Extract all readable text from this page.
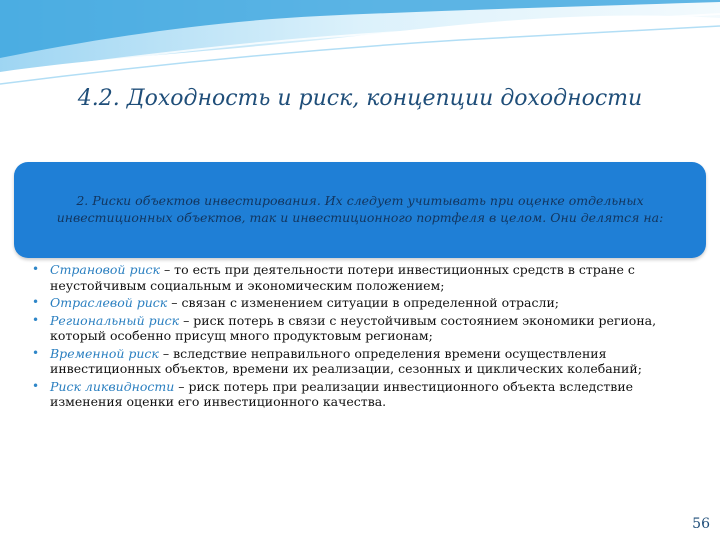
4.2. Доходность и риск, концепции доходности
2. Риски объектов инвестирования. Их следует учитывать при оценке отдельных инвестиционных объектов, так и инвестиционного портфеля в целом. Они делятся на:
• Страновой риск – то есть при деятельности потери инвестиционных средств в стране с неустойчивым социальным и экономическим положением;
• Отраслевой риск – связан с изменением ситуации в определенной отрасли;
• Региональный риск – риск потерь в связи с неустойчивым состоянием экономики региона, который особенно присущ много продуктовым регионам;
• Временной риск – вследствие неправильного определения времени осуществления инвестиционных объектов, времени их реализации, сезонных и циклических колебаний;
• Риск ликвидности – риск потерь при реализации инвестиционного объекта вследствие изменения оценки его инвестиционного качества.
56
